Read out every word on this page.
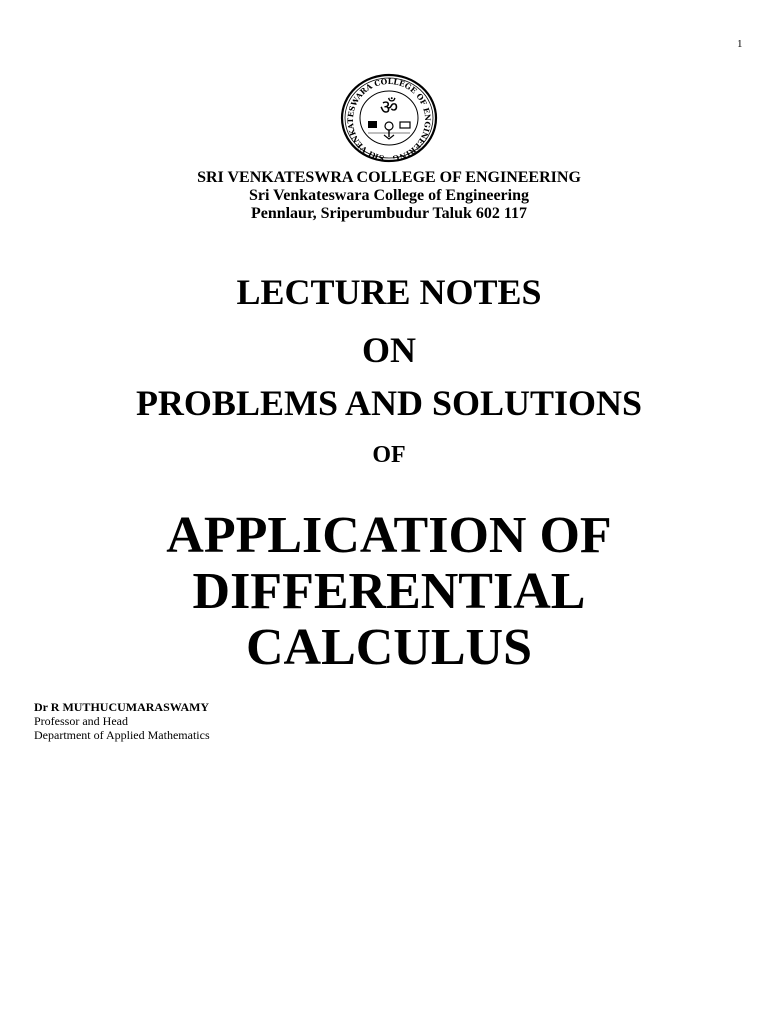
1
SRI VENKATESWARA COLLEGE OF ENGINEERING
ॐ
SRI VENKATESWRA COLLEGE OF ENGINEERING
Sri Venkateswara College of Engineering
Pennlaur, Sriperumbudur Taluk 602 117
LECTURE NOTES
ON
PROBLEMS AND SOLUTIONS
OF
APPLICATION OF
DIFFERENTIAL
CALCULUS
Dr R MUTHUCUMARASWAMY
Professor and Head
Department of Applied Mathematics
